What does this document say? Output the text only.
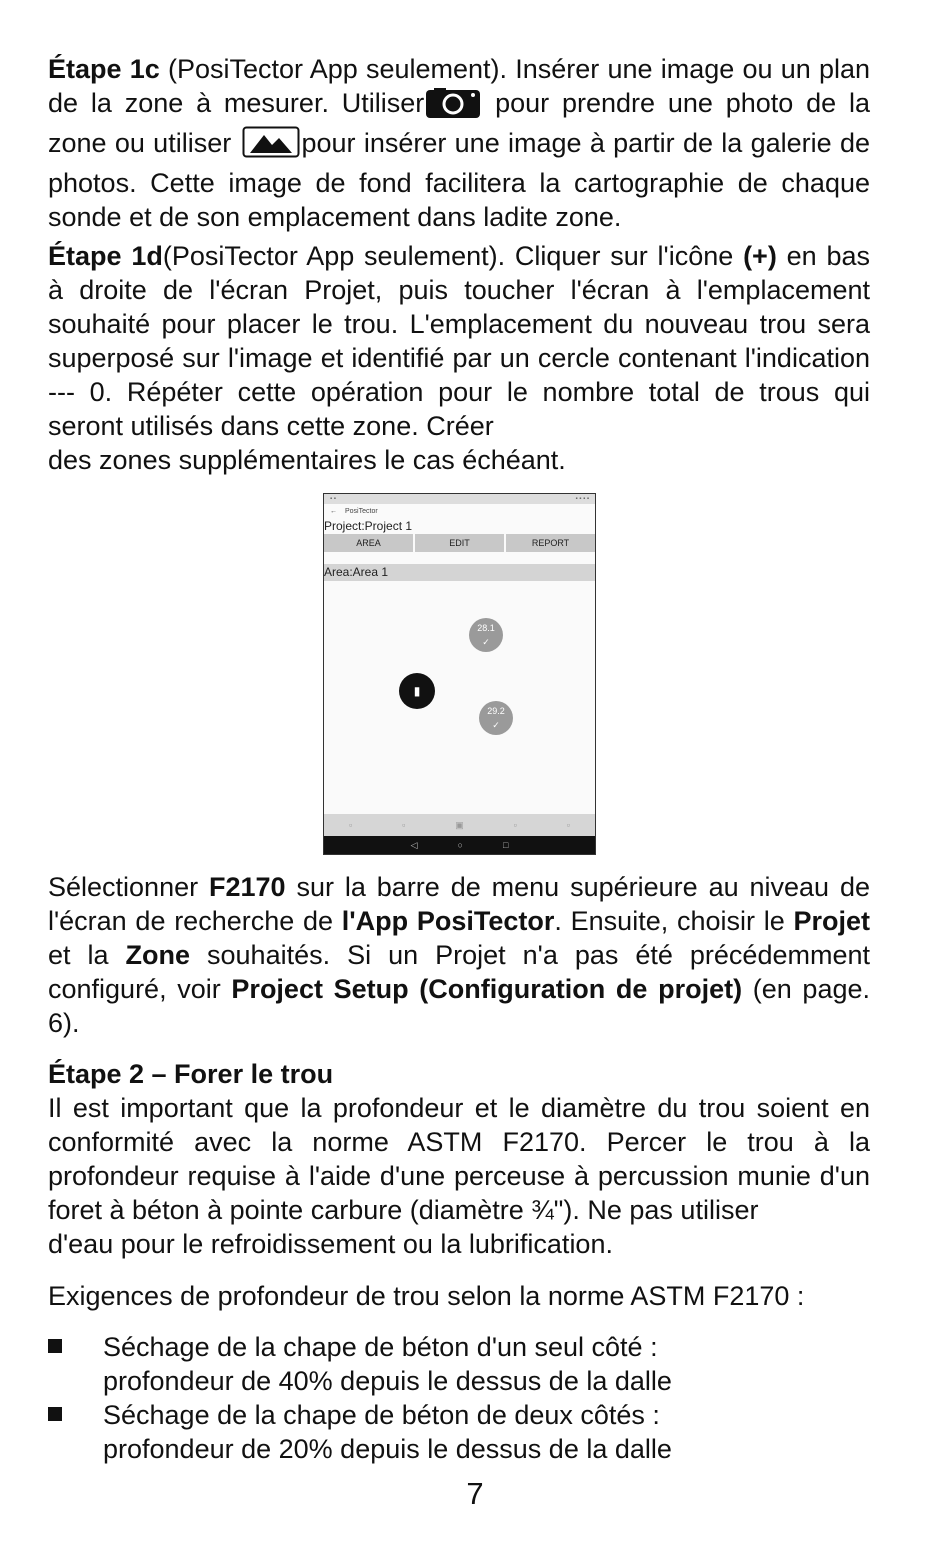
Étape 1c (PosiTector App seulement). Insérer une image ou un plan de la zone à mesurer. Utiliser pour prendre une photo de la zone ou utiliser pour insérer une image à partir de la galerie de photos. Cette image de fond facilitera la cartographie de chaque sonde et de son emplacement dans ladite zone.

Étape 1d(PosiTector App seulement). Cliquer sur l'icône (+) en bas à droite de l'écran Projet, puis toucher l'écran à l'emplacement souhaité pour placer le trou. L'emplacement du nouveau trou sera superposé sur l'image et identifié par un cercle contenant l'indication --- 0. Répéter cette opération pour le nombre total de trous qui seront utilisés dans cette zone. Créer
des zones supplémentaires le cas échéant.

▪ ▪	▪ ▪ ▪ ▪
← PosiTector
Project:Project 1
AREA	EDIT	REPORT
Area:Area 1
28.1
✓
▮
29.2
✓
▫	▫	▣	▫	▫
◁	○	□

Sélectionner F2170 sur la barre de menu supérieure au niveau de l'écran de recherche de l'App PosiTector. Ensuite, choisir le Projet et la Zone souhaités. Si un Projet n'a pas été précédemment configuré, voir Project Setup (Configuration de projet) (en page. 6).

Étape 2 – Forer le trou

Il est important que la profondeur et le diamètre du trou soient en conformité avec la norme ASTM F2170. Percer le trou à la profondeur requise à l'aide d'une perceuse à percussion munie d'un foret à béton à pointe carbure (diamètre ¾"). Ne pas utiliser
d'eau pour le refroidissement ou la lubrification.

Exigences de profondeur de trou selon la norme ASTM F2170 :

Séchage de la chape de béton d'un seul côté :
profondeur de 40% depuis le dessus de la dalle
Séchage de la chape de béton de deux côtés :
profondeur de 20% depuis le dessus de la dalle
7
